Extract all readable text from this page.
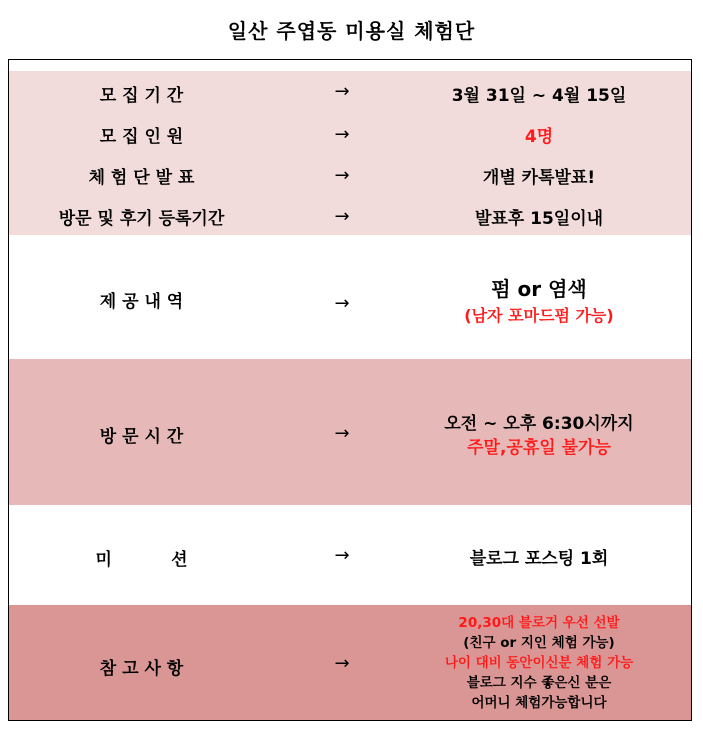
일산 주엽동 미용실 체험단
모 집 기 간	→	3월 31일 ~ 4월 15일
모 집 인 원	→	4명
체 험 단 발 표	→	개별 카톡발표!
방문 및 후기 등록기간	→	발표후 15일이내
제 공 내 역	→
펌 or 염색
(남자 포마드펌 가능)
방 문 시 간	→	오전 ~ 오후 6:30시까지
주말,공휴일 불가능
미          션	→	블로그 포스팅 1회
참 고 사 항	→
20,30대 블로거 우선 선발
(친구 or 지인 체험 가능)
나이 대비 동안이신분 체험 가능
블로그 지수 좋은신 분은
어머니 체험가능합니다
